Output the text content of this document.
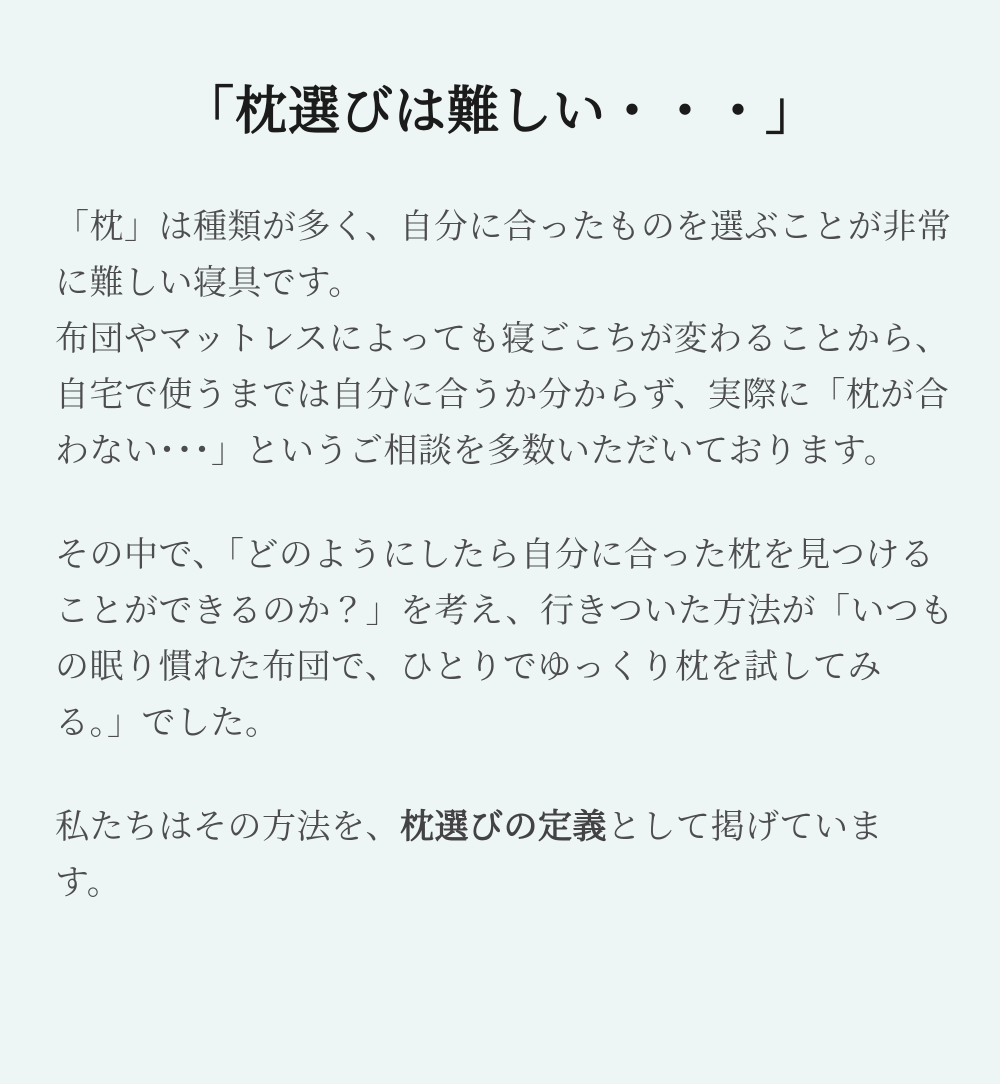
「枕選びは難しい・・・」
「枕」は種類が多く、自分に合ったものを選ぶことが非常
に難しい寝具です。
布団やマットレスによっても寝ごこちが変わることから、
自宅で使うまでは自分に合うか分からず、実際に「枕が合
わない･･･」というご相談を多数いただいております。
その中で、「どのようにしたら自分に合った枕を見つける
ことができるのか？」を考え、行きついた方法が「いつも
の眠り慣れた布団で、ひとりでゆっくり枕を試してみ
る。」でした。
私たちはその方法を、枕選びの定義として掲げています。
